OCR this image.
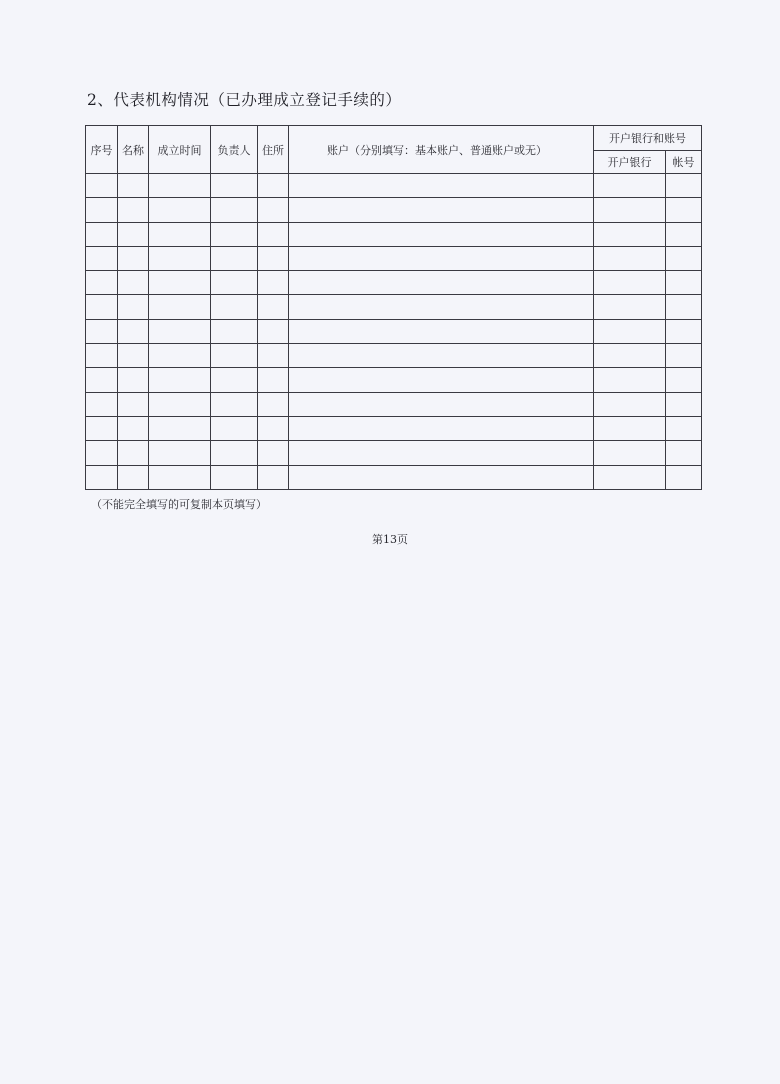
2、代表机构情况（已办理成立登记手续的）
序号	名称	成立时间	负责人	住所	账户（分别填写：基本账户、普通账户或无）	开户银行和账号	
						开户银行	帐号

（不能完全填写的可复制本页填写）
第13页
